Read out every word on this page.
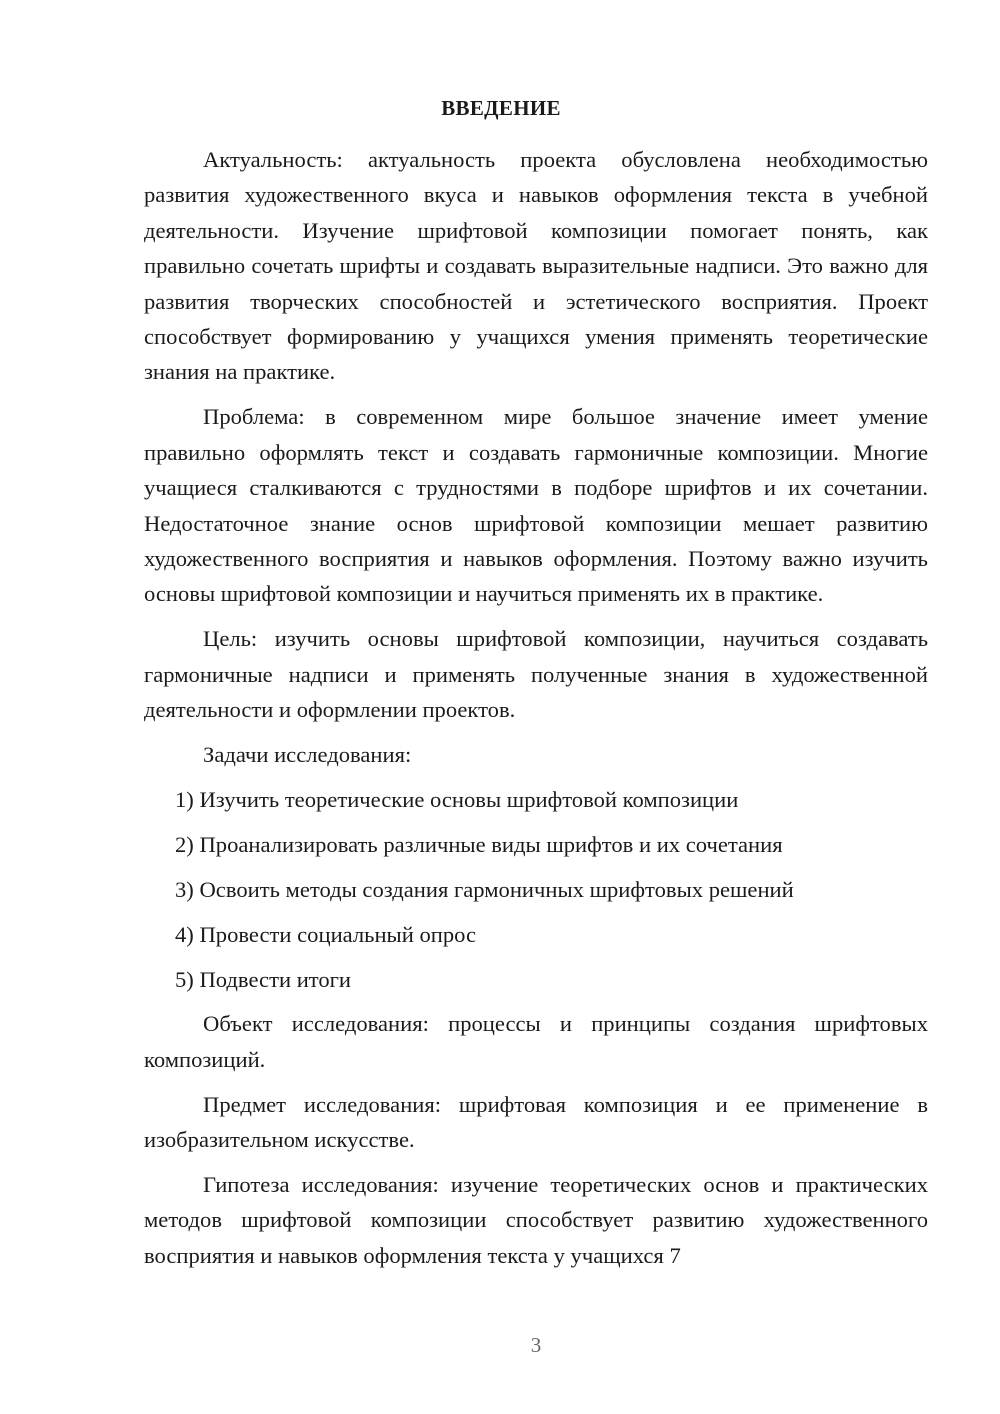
ВВЕДЕНИЕ

Актуальность: актуальность проекта обусловлена необходимостью развития художественного вкуса и навыков оформления текста в учебной деятельности. Изучение шрифтовой композиции помогает понять, как правильно сочетать шрифты и создавать выразительные надписи. Это важно для развития творческих способностей и эстетического восприятия. Проект способствует формированию у учащихся умения применять теоретические знания на практике.

Проблема: в современном мире большое значение имеет умение правильно оформлять текст и создавать гармоничные композиции. Многие учащиеся сталкиваются с трудностями в подборе шрифтов и их сочетании. Недостаточное знание основ шрифтовой композиции мешает развитию художественного восприятия и навыков оформления. Поэтому важно изучить основы шрифтовой композиции и научиться применять их в практике.

Цель: изучить основы шрифтовой композиции, научиться создавать гармоничные надписи и применять полученные знания в художественной деятельности и оформлении проектов.

Задачи исследования:

1) Изучить теоретические основы шрифтовой композиции
2) Проанализировать различные виды шрифтов и их сочетания
3) Освоить методы создания гармоничных шрифтовых решений
4) Провести социальный опрос
5) Подвести итоги

Объект исследования: процессы и принципы создания шрифтовых композиций.

Предмет исследования: шрифтовая композиция и ее применение в изобразительном искусстве.

Гипотеза исследования: изучение теоретических основ и практических методов шрифтовой композиции способствует развитию художественного восприятия и навыков оформления текста у учащихся 7

3
